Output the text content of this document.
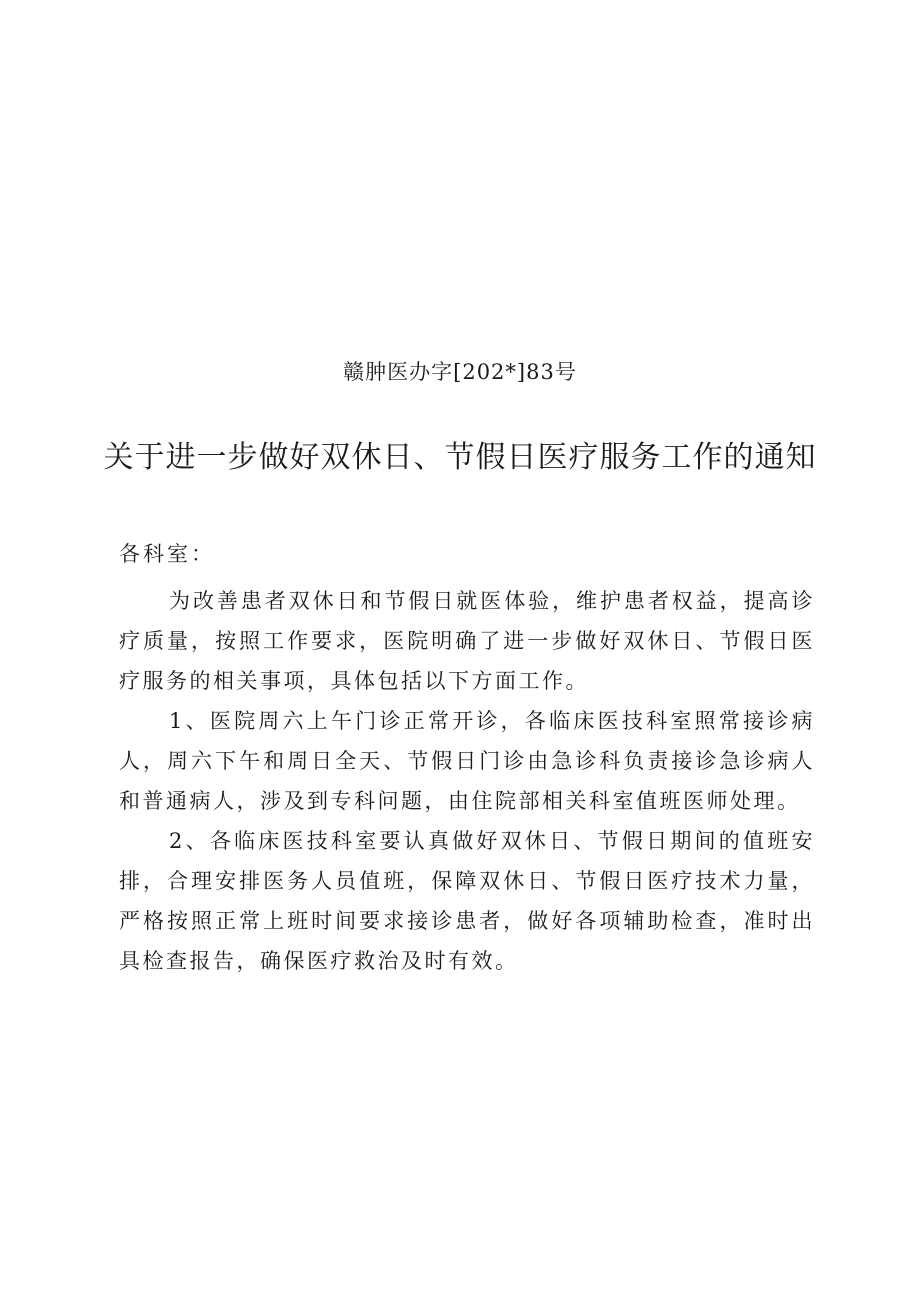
赣肿医办字[202*]83号
关于进一步做好双休日、节假日医疗服务工作的通知
各科室：

为改善患者双休日和节假日就医体验，维护患者权益，提高诊疗质量，按照工作要求，医院明确了进一步做好双休日、节假日医疗服务的相关事项，具体包括以下方面工作。

1、医院周六上午门诊正常开诊，各临床医技科室照常接诊病人，周六下午和周日全天、节假日门诊由急诊科负责接诊急诊病人和普通病人，涉及到专科问题，由住院部相关科室值班医师处理。

2、各临床医技科室要认真做好双休日、节假日期间的值班安排，合理安排医务人员值班，保障双休日、节假日医疗技术力量，严格按照正常上班时间要求接诊患者，做好各项辅助检查，准时出具检查报告，确保医疗救治及时有效。
